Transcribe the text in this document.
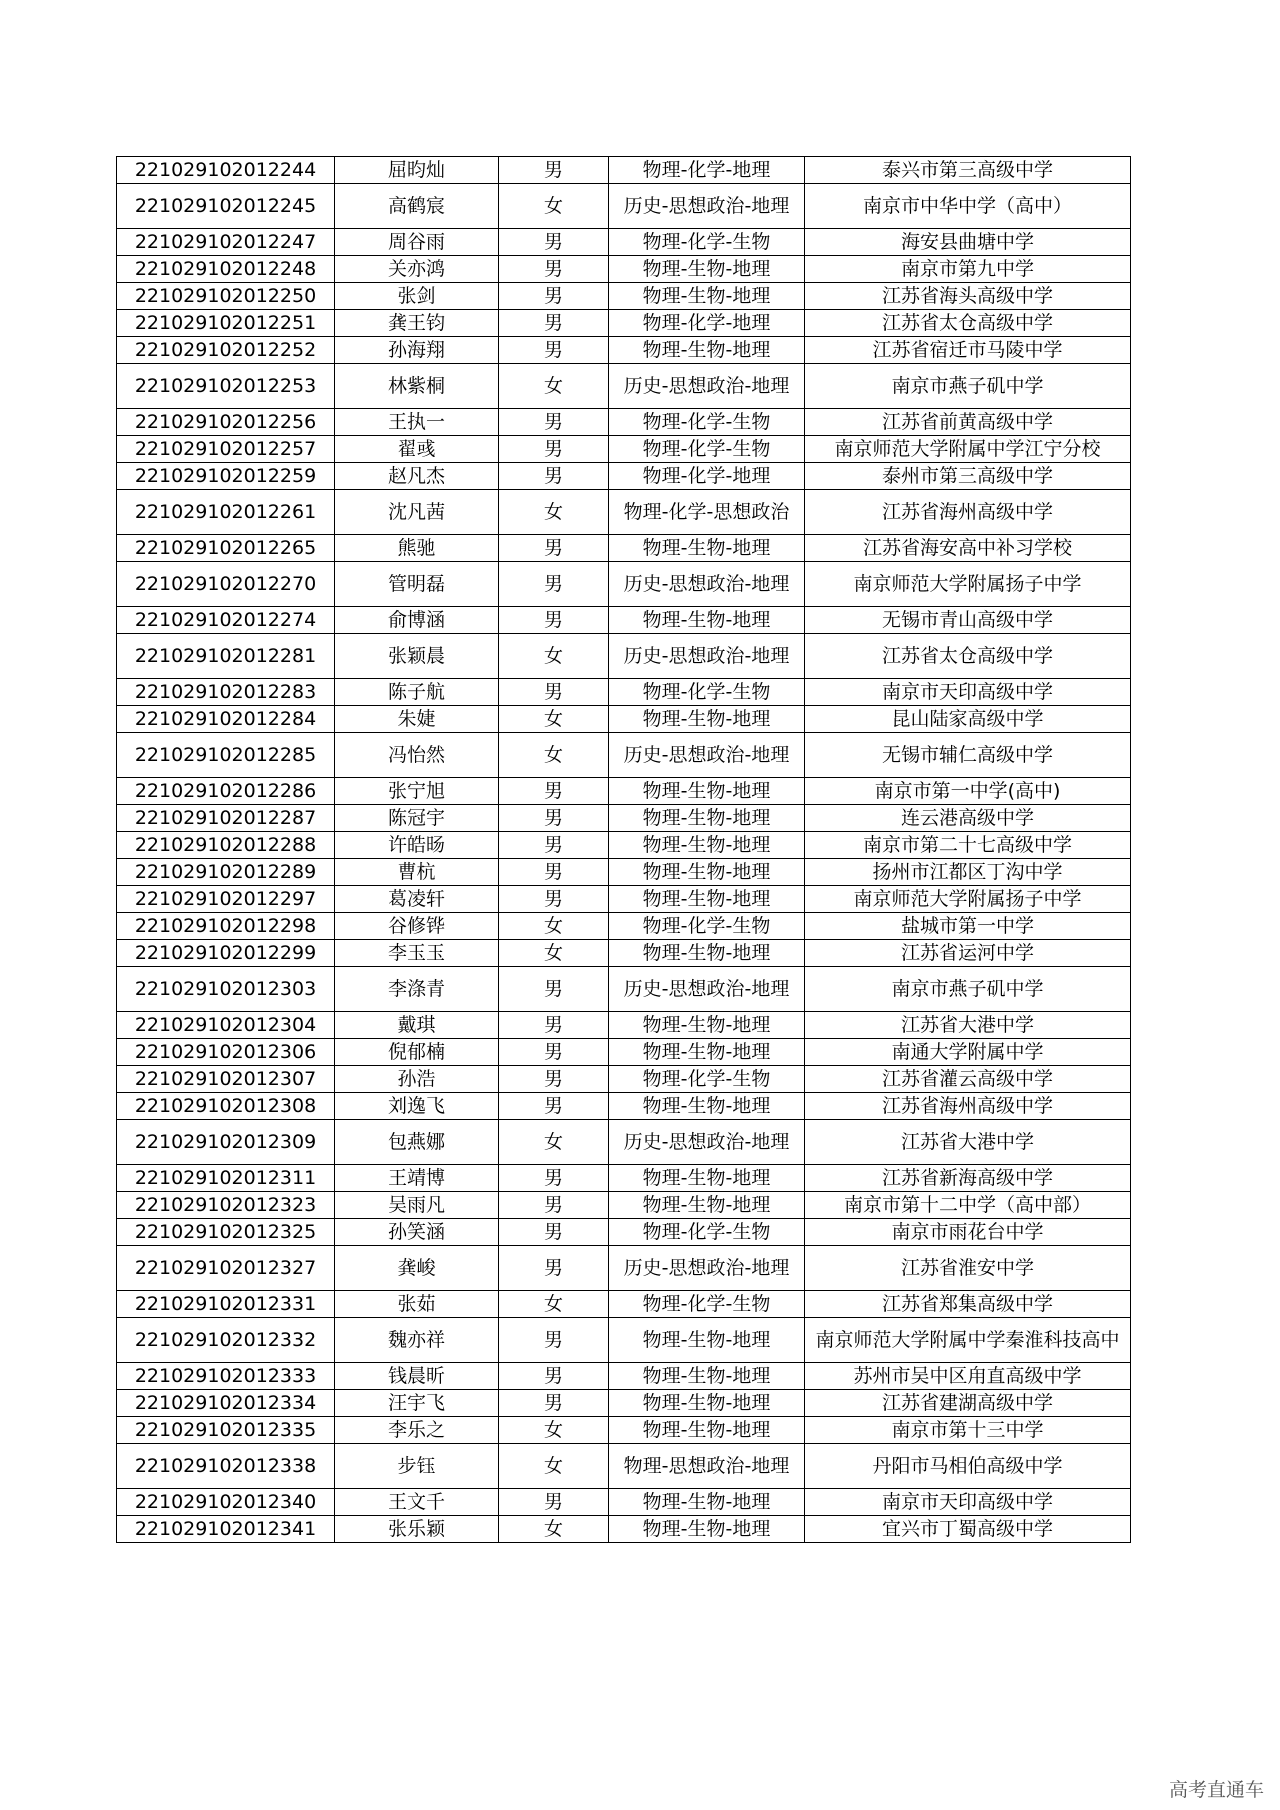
221029102012244	屈昀灿	男	物理-化学-地理	泰兴市第三高级中学
221029102012245	高鹤宸	女	历史-思想政治-地理	南京市中华中学（高中）
221029102012247	周谷雨	男	物理-化学-生物	海安县曲塘中学
221029102012248	关亦鸿	男	物理-生物-地理	南京市第九中学
221029102012250	张剑	男	物理-生物-地理	江苏省海头高级中学
221029102012251	龚王钧	男	物理-化学-地理	江苏省太仓高级中学
221029102012252	孙海翔	男	物理-生物-地理	江苏省宿迁市马陵中学
221029102012253	林紫桐	女	历史-思想政治-地理	南京市燕子矶中学
221029102012256	王执一	男	物理-化学-生物	江苏省前黄高级中学
221029102012257	翟彧	男	物理-化学-生物	南京师范大学附属中学江宁分校
221029102012259	赵凡杰	男	物理-化学-地理	泰州市第三高级中学
221029102012261	沈凡茜	女	物理-化学-思想政治	江苏省海州高级中学
221029102012265	熊驰	男	物理-生物-地理	江苏省海安高中补习学校
221029102012270	管明磊	男	历史-思想政治-地理	南京师范大学附属扬子中学
221029102012274	俞博涵	男	物理-生物-地理	无锡市青山高级中学
221029102012281	张颖晨	女	历史-思想政治-地理	江苏省太仓高级中学
221029102012283	陈子航	男	物理-化学-生物	南京市天印高级中学
221029102012284	朱婕	女	物理-生物-地理	昆山陆家高级中学
221029102012285	冯怡然	女	历史-思想政治-地理	无锡市辅仁高级中学
221029102012286	张宁旭	男	物理-生物-地理	南京市第一中学(高中)
221029102012287	陈冠宇	男	物理-生物-地理	连云港高级中学
221029102012288	许皓旸	男	物理-生物-地理	南京市第二十七高级中学
221029102012289	曹杭	男	物理-生物-地理	扬州市江都区丁沟中学
221029102012297	葛凌轩	男	物理-生物-地理	南京师范大学附属扬子中学
221029102012298	谷修铧	女	物理-化学-生物	盐城市第一中学
221029102012299	李玉玉	女	物理-生物-地理	江苏省运河中学
221029102012303	李涤青	男	历史-思想政治-地理	南京市燕子矶中学
221029102012304	戴琪	男	物理-生物-地理	江苏省大港中学
221029102012306	倪郁楠	男	物理-生物-地理	南通大学附属中学
221029102012307	孙浩	男	物理-化学-生物	江苏省灌云高级中学
221029102012308	刘逸飞	男	物理-生物-地理	江苏省海州高级中学
221029102012309	包燕娜	女	历史-思想政治-地理	江苏省大港中学
221029102012311	王靖博	男	物理-生物-地理	江苏省新海高级中学
221029102012323	吴雨凡	男	物理-生物-地理	南京市第十二中学（高中部）
221029102012325	孙笑涵	男	物理-化学-生物	南京市雨花台中学
221029102012327	龚峻	男	历史-思想政治-地理	江苏省淮安中学
221029102012331	张茹	女	物理-化学-生物	江苏省郑集高级中学
221029102012332	魏亦祥	男	物理-生物-地理	南京师范大学附属中学秦淮科技高中
221029102012333	钱晨昕	男	物理-生物-地理	苏州市吴中区甪直高级中学
221029102012334	汪宇飞	男	物理-生物-地理	江苏省建湖高级中学
221029102012335	李乐之	女	物理-生物-地理	南京市第十三中学
221029102012338	步钰	女	物理-思想政治-地理	丹阳市马相伯高级中学
221029102012340	王文千	男	物理-生物-地理	南京市天印高级中学
221029102012341	张乐颖	女	物理-生物-地理	宜兴市丁蜀高级中学
高考直通车
